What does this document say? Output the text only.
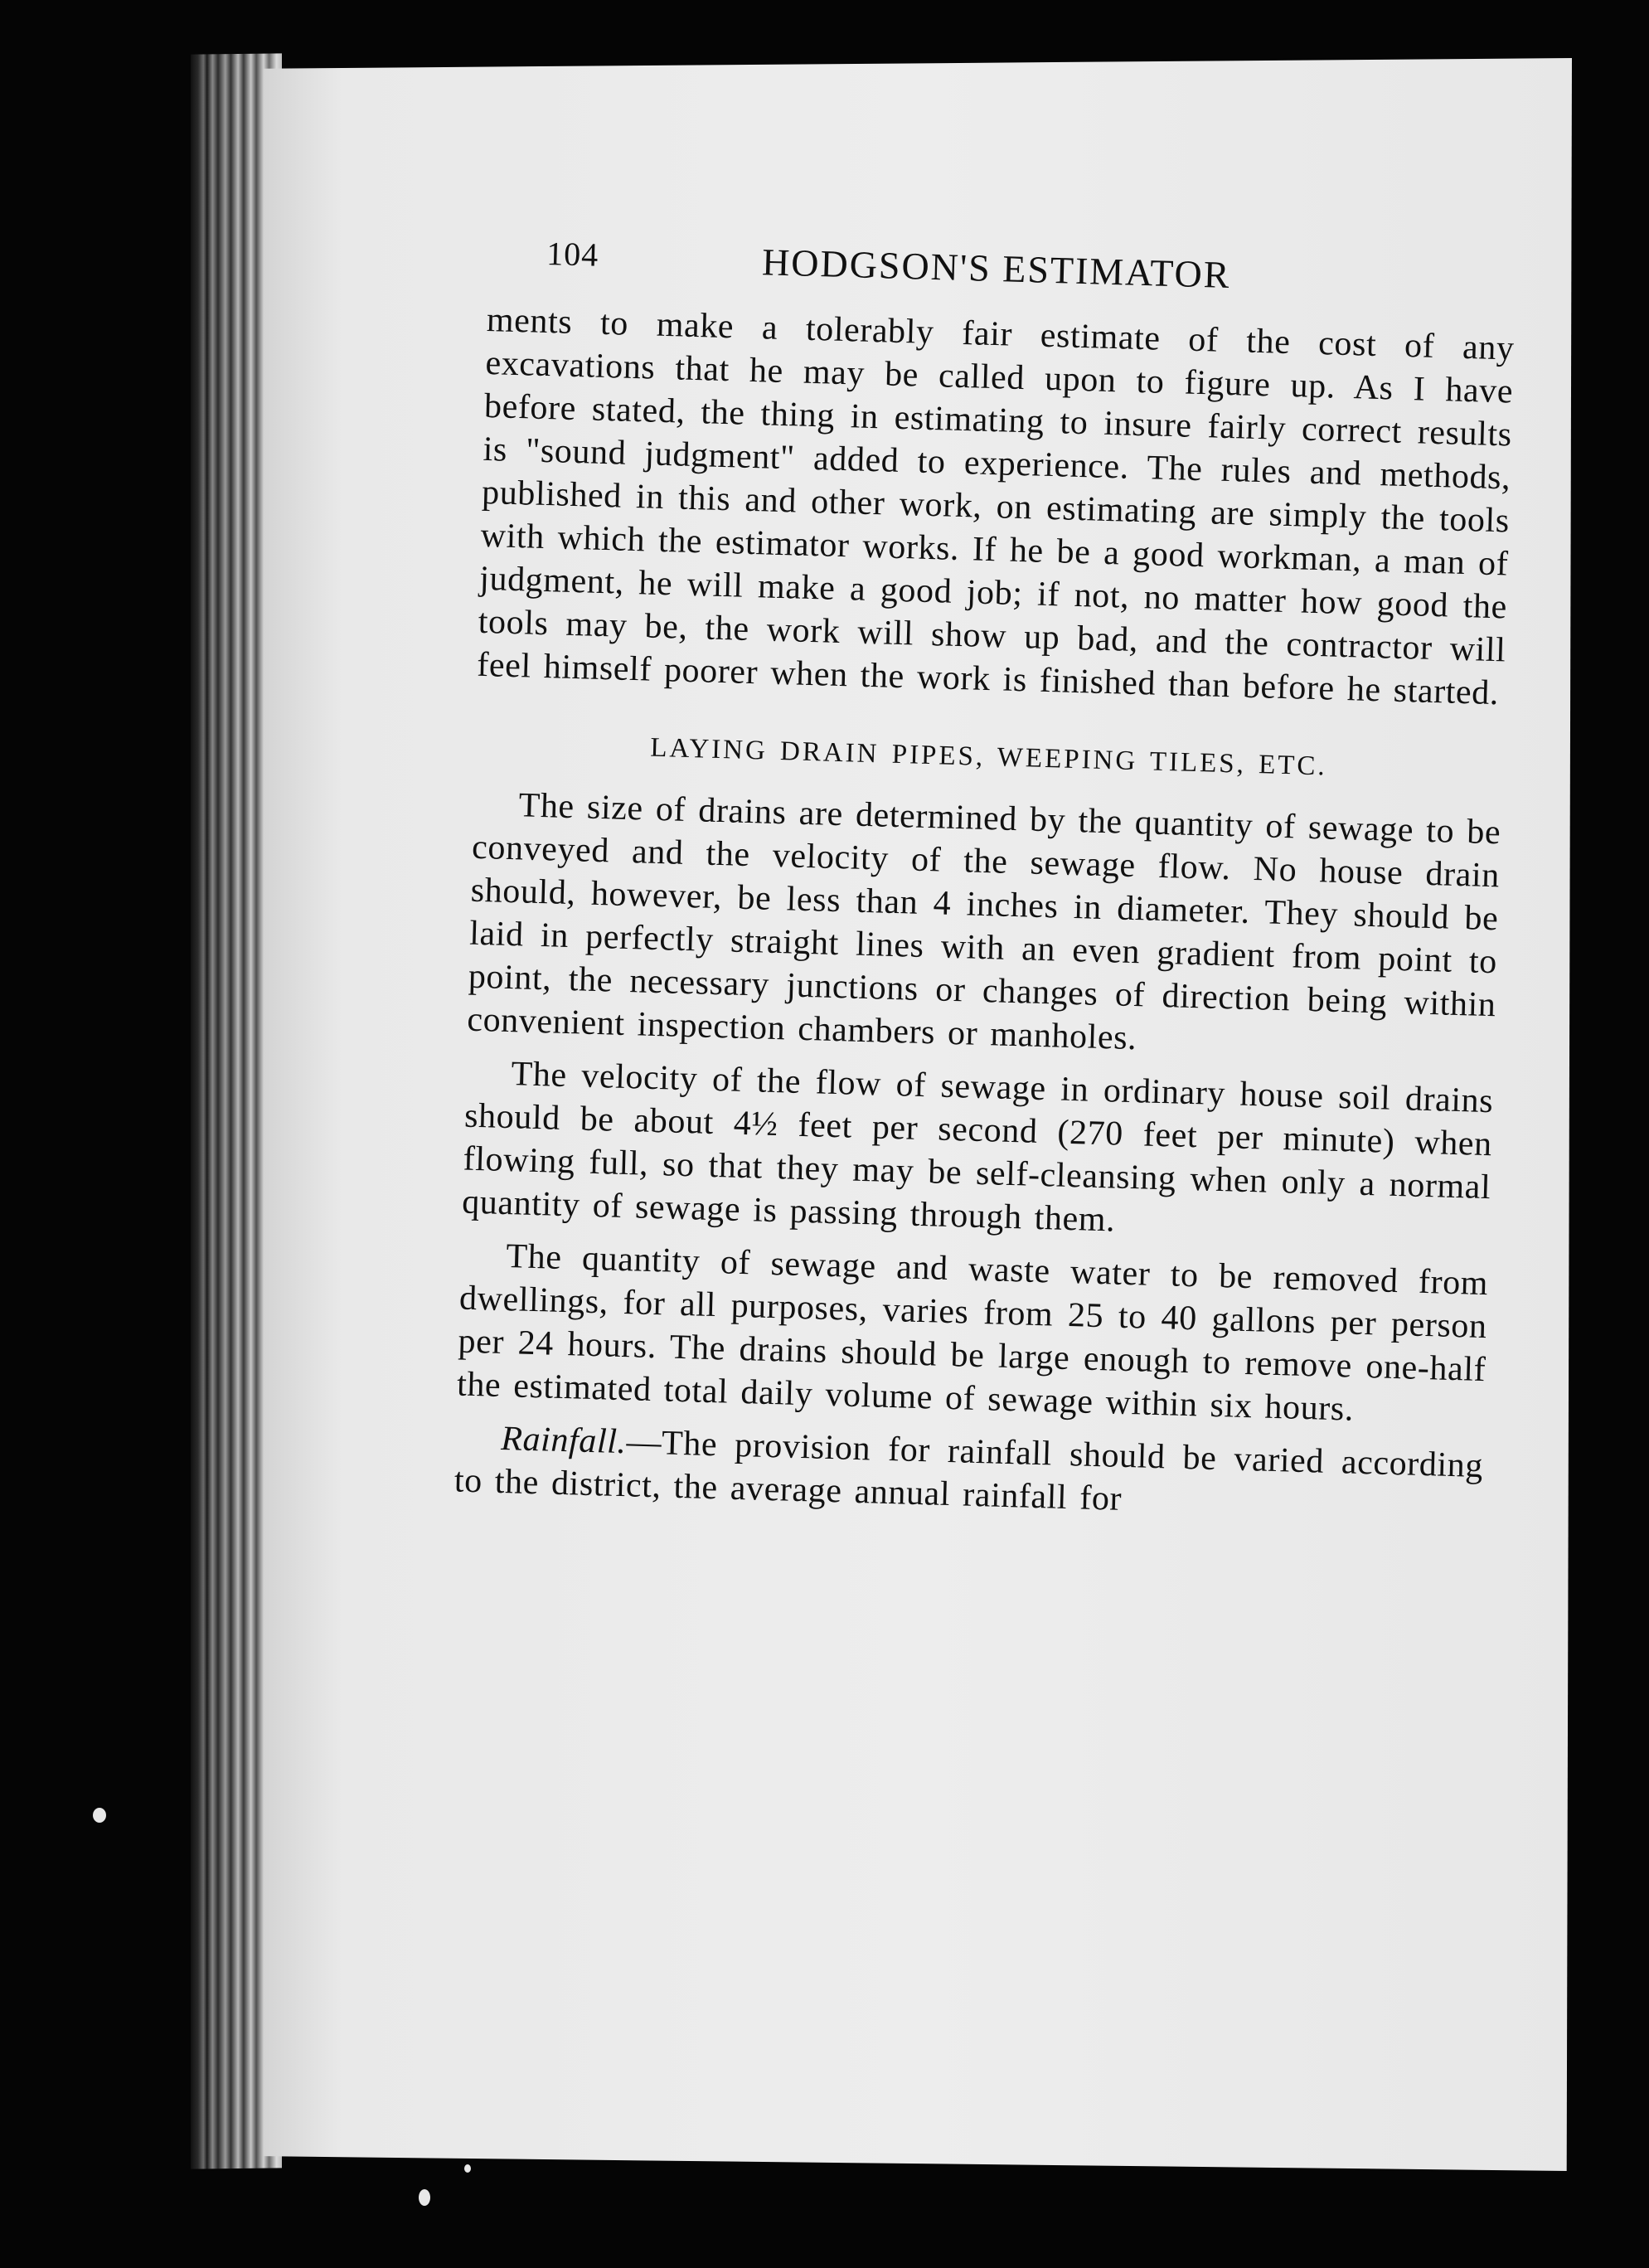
104	HODGSON'S ESTIMATOR

ments to make a tolerably fair estimate of the cost of any excavations that he may be called upon to figure up. As I have before stated, the thing in estimating to insure fairly correct results is "sound judgment" added to experience. The rules and methods, published in this and other work, on estimating are simply the tools with which the estimator works. If he be a good workman, a man of judgment, he will make a good job; if not, no matter how good the tools may be, the work will show up bad, and the contractor will feel himself poorer when the work is finished than before he started.

LAYING DRAIN PIPES, WEEPING TILES, ETC.

The size of drains are determined by the quantity of sewage to be conveyed and the velocity of the sewage flow. No house drain should, however, be less than 4 inches in diameter. They should be laid in perfectly straight lines with an even gradient from point to point, the necessary junctions or changes of direction being within convenient inspection chambers or manholes.

The velocity of the flow of sewage in ordinary house soil drains should be about 4½ feet per second (270 feet per minute) when flowing full, so that they may be self-cleansing when only a normal quantity of sewage is passing through them.

The quantity of sewage and waste water to be removed from dwellings, for all purposes, varies from 25 to 40 gallons per person per 24 hours. The drains should be large enough to remove one-half the estimated total daily volume of sewage within six hours.

Rainfall.—The provision for rainfall should be varied according to the district, the average annual rainfall for
